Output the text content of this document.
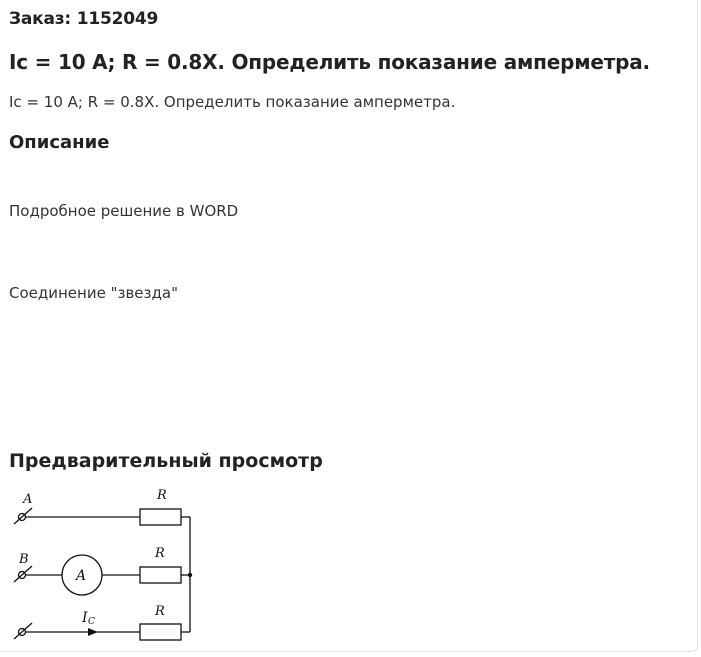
Заказ: 1152049
Ic = 10 А; R = 0.8X. Определить показание амперметра.
Ic = 10 А; R = 0.8X. Определить показание амперметра.
Описание
Подробное решение в WORD
Соединение "звезда"
Предварительный просмотр
A
B
R
R
R
A
I C
